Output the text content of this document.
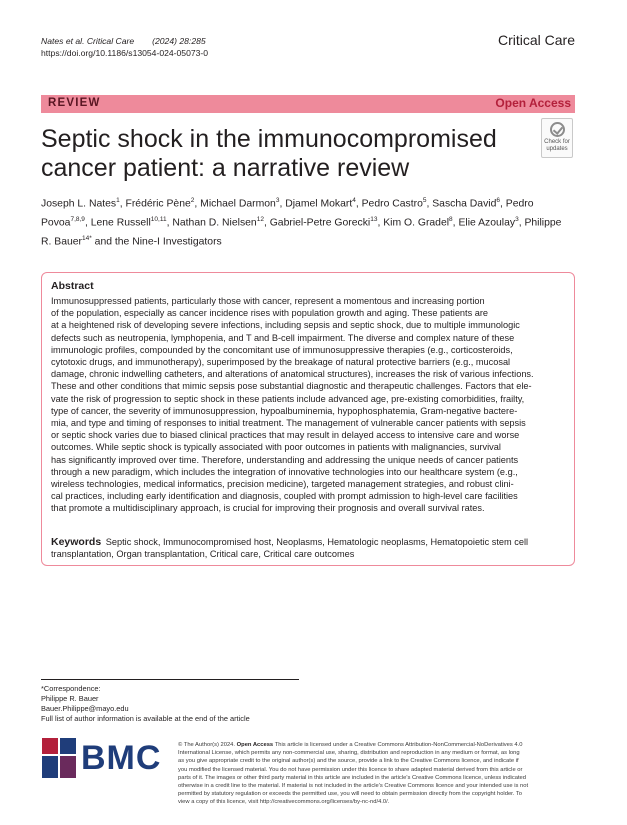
Nates et al. Critical Care (2024) 28:285
https://doi.org/10.1186/s13054-024-05073-0
Critical Care
REVIEW	Open Access
Septic shock in the immunocompromised cancer patient: a narrative review
Check for
updates
Joseph L. Nates$^1$, Frédéric Pène$^2$, Michael Darmon$^3$, Djamel Mokart$^4$, Pedro Castro$^5$, Sascha David$^6$, Pedro Povoa$^{7,8,9}$, Lene Russell$^{10,11}$, Nathan D. Nielsen$^{12}$, Gabriel-Petre Gorecki$^{13}$, Kim O. Gradel$^8$, Elie Azoulay$^3$, Philippe R. Bauer$^{14*}$ and the Nine-I Investigators
Abstract
Immunosuppressed patients, particularly those with cancer, represent a momentous and increasing portion
of the population, especially as cancer incidence rises with population growth and aging. These patients are
at a heightened risk of developing severe infections, including sepsis and septic shock, due to multiple immunologic
defects such as neutropenia, lymphopenia, and T and B-cell impairment. The diverse and complex nature of these
immunologic profiles, compounded by the concomitant use of immunosuppressive therapies (e.g., corticosteroids,
cytotoxic drugs, and immunotherapy), superimposed by the breakage of natural protective barriers (e.g., mucosal
damage, chronic indwelling catheters, and alterations of anatomical structures), increases the risk of various infections.
These and other conditions that mimic sepsis pose substantial diagnostic and therapeutic challenges. Factors that ele-
vate the risk of progression to septic shock in these patients include advanced age, pre-existing comorbidities, frailty,
type of cancer, the severity of immunosuppression, hypoalbuminemia, hypophosphatemia, Gram-negative bactere-
mia, and type and timing of responses to initial treatment. The management of vulnerable cancer patients with sepsis
or septic shock varies due to biased clinical practices that may result in delayed access to intensive care and worse
outcomes. While septic shock is typically associated with poor outcomes in patients with malignancies, survival
has significantly improved over time. Therefore, understanding and addressing the unique needs of cancer patients
through a new paradigm, which includes the integration of innovative technologies into our healthcare system (e.g.,
wireless technologies, medical informatics, precision medicine), targeted management strategies, and robust clini-
cal practices, including early identification and diagnosis, coupled with prompt admission to high-level care facilities
that promote a multidisciplinary approach, is crucial for improving their prognosis and overall survival rates.
Keywords Septic shock, Immunocompromised host, Neoplasms, Hematologic neoplasms, Hematopoietic stem cell
transplantation, Organ transplantation, Critical care, Critical care outcomes
*Correspondence:
Philippe R. Bauer
Bauer.Philippe@mayo.edu
Full list of author information is available at the end of the article
BMC	© The Author(s) 2024. Open Access This article is licensed under a Creative Commons Attribution-NonCommercial-NoDerivatives 4.0
International License, which permits any non-commercial use, sharing, distribution and reproduction in any medium or format, as long
as you give appropriate credit to the original author(s) and the source, provide a link to the Creative Commons licence, and indicate if
you modified the licensed material. You do not have permission under this licence to share adapted material derived from this article or
parts of it. The images or other third party material in this article are included in the article's Creative Commons licence, unless indicated
otherwise in a credit line to the material. If material is not included in the article's Creative Commons licence and your intended use is not
permitted by statutory regulation or exceeds the permitted use, you will need to obtain permission directly from the copyright holder. To
view a copy of this licence, visit http://creativecommons.org/licenses/by-nc-nd/4.0/.
